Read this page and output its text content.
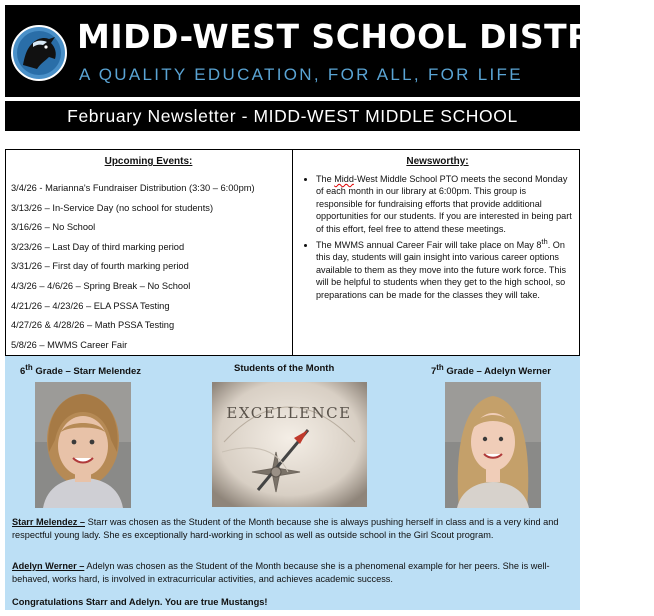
MIDD-WEST SCHOOL DISTRICT
A QUALITY EDUCATION, FOR ALL, FOR LIFE
February Newsletter - MIDD-WEST MIDDLE SCHOOL
Upcoming Events:
3/4/26 - Marianna's Fundraiser Distribution (3:30 – 6:00pm)
3/13/26 – In-Service Day (no school for students)
3/16/26 – No School
3/23/26 – Last Day of third marking period
3/31/26 – First day of fourth marking period
4/3/26 – 4/6/26 – Spring Break – No School
4/21/26 – 4/23/26 – ELA PSSA Testing
4/27/26 & 4/28/26 – Math PSSA Testing
5/8/26 – MWMS Career Fair
Newsworthy:
• The Midd-West Middle School PTO meets the second Monday of each month in our library at 6:00pm. This group is responsible for fundraising efforts that provide additional opportunities for our students. If you are interested in being part of this effort, feel free to attend these meetings.
• The MWMS annual Career Fair will take place on May 8th. On this day, students will gain insight into various career options available to them as they move into the future work force. This will be helpful to students when they get to the high school, so preparations can be made for the classes they will take.
6th Grade – Starr Melendez	Students of the Month	7th Grade – Adelyn Werner
EXCELLENCE

Starr Melendez – Starr was chosen as the Student of the Month because she is always pushing herself in class and is a very kind and respectful young lady. She es exceptionally hard-working in school as well as outside school in the Girl Scout program.

Adelyn Werner – Adelyn was chosen as the Student of the Month because she is a phenomenal example for her peers. She is well-behaved, works hard, is involved in extracurricular activities, and achieves academic success.

Congratulations Starr and Adelyn. You are true Mustangs!
